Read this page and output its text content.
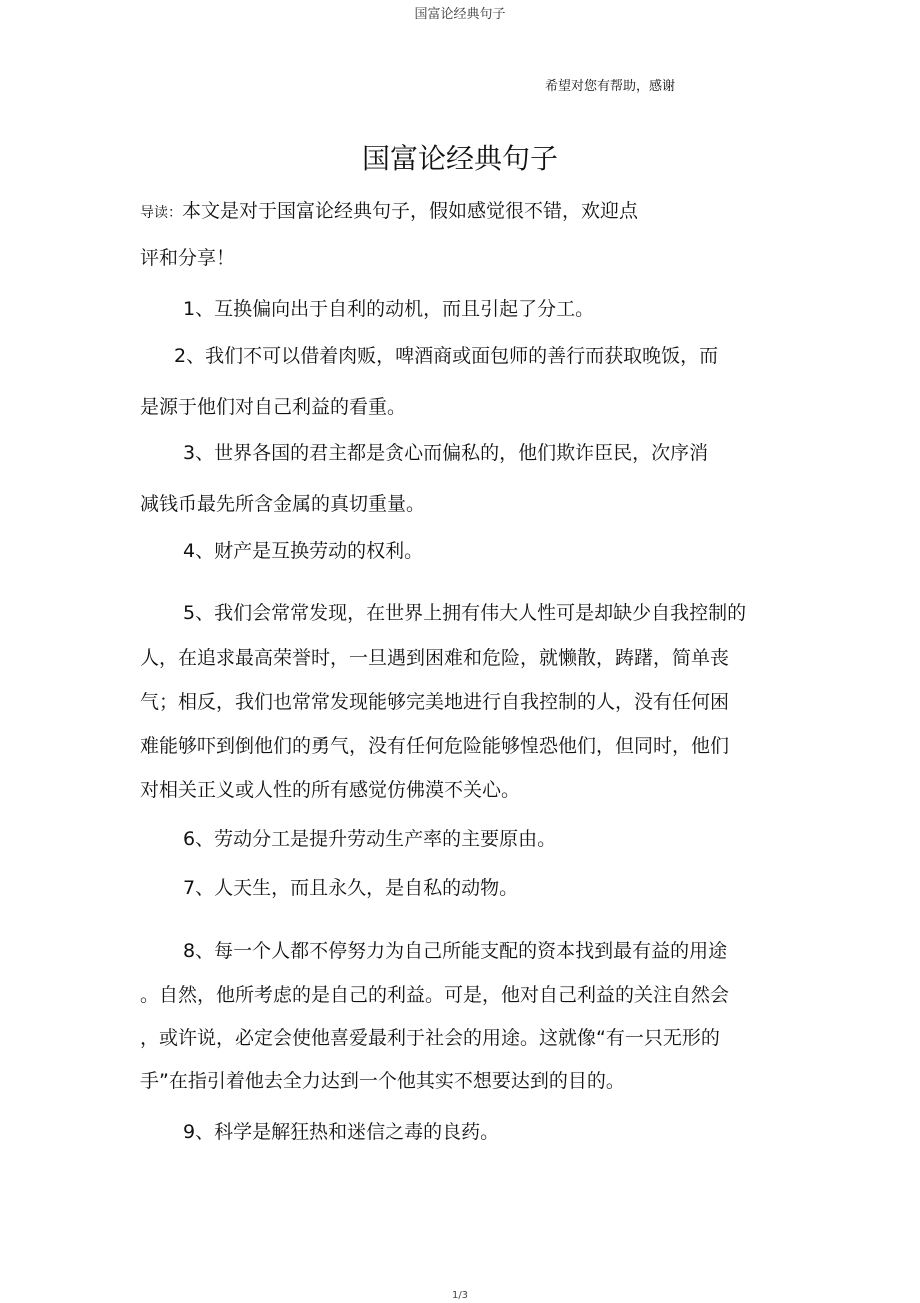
国富论经典句子
希望对您有帮助，感谢
国富论经典句子
导读：本文是对于国富论经典句子，假如感觉很不错，欢迎点
评和分享！
1、互换偏向出于自利的动机，而且引起了分工。
2、我们不可以借着肉贩，啤酒商或面包师的善行而获取晚饭，而
是源于他们对自己利益的看重。
3、世界各国的君主都是贪心而偏私的，他们欺诈臣民，次序消
减钱币最先所含金属的真切重量。
4、财产是互换劳动的权利。
5、我们会常常发现，在世界上拥有伟大人性可是却缺少自我控制的
人，在追求最高荣誉时，一旦遇到困难和危险，就懒散，踌躇，简单丧
气；相反，我们也常常发现能够完美地进行自我控制的人，没有任何困
难能够吓到倒他们的勇气，没有任何危险能够惶恐他们，但同时，他们
对相关正义或人性的所有感觉仿佛漠不关心。
6、劳动分工是提升劳动生产率的主要原由。
7、人天生，而且永久，是自私的动物。
8、每一个人都不停努力为自己所能支配的资本找到最有益的用途
。自然，他所考虑的是自己的利益。可是，他对自己利益的关注自然会
，或许说，必定会使他喜爱最利于社会的用途。这就像“有一只无形的
手”在指引着他去全力达到一个他其实不想要达到的目的。
9、科学是解狂热和迷信之毒的良药。
1/3
